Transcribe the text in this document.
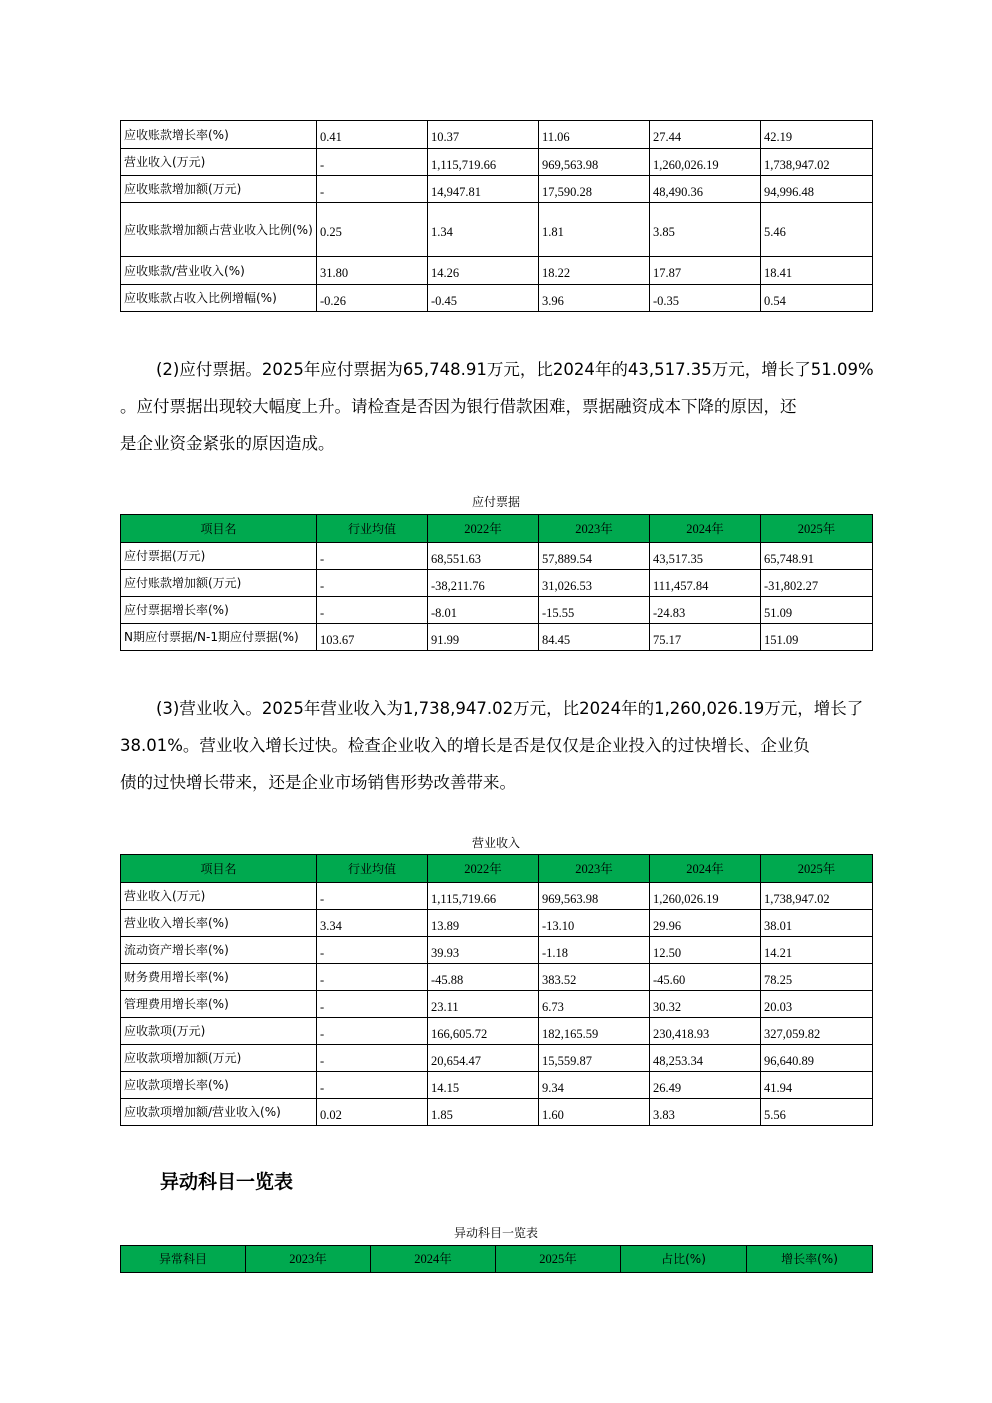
应收账款增长率(%)	0.41	10.37	11.06	27.44	42.19
营业收入(万元)	-	1,115,719.66	969,563.98	1,260,026.19	1,738,947.02
应收账款增加额(万元)	-	14,947.81	17,590.28	48,490.36	94,996.48
应收账款增加额占营业收入比例(%)	0.25	1.34	1.81	3.85	5.46
应收账款/营业收入(%)	31.80	14.26	18.22	17.87	18.41
应收账款占收入比例增幅(%)	-0.26	-0.45	3.96	-0.35	0.54
(2)应付票据。2025年应付票据为65,748.91万元，比2024年的43,517.35万元，增长了51.09%
。应付票据出现较大幅度上升。请检查是否因为银行借款困难，票据融资成本下降的原因，还
是企业资金紧张的原因造成。
应付票据
项目名	行业均值	2022年	2023年	2024年	2025年
应付票据(万元)	-	68,551.63	57,889.54	43,517.35	65,748.91
应付账款增加额(万元)	-	-38,211.76	31,026.53	111,457.84	-31,802.27
应付票据增长率(%)	-	-8.01	-15.55	-24.83	51.09
N期应付票据/N-1期应付票据(%)	103.67	91.99	84.45	75.17	151.09
(3)营业收入。2025年营业收入为1,738,947.02万元，比2024年的1,260,026.19万元，增长了
38.01%。营业收入增长过快。检查企业收入的增长是否是仅仅是企业投入的过快增长、企业负
债的过快增长带来，还是企业市场销售形势改善带来。
营业收入
项目名	行业均值	2022年	2023年	2024年	2025年
营业收入(万元)	-	1,115,719.66	969,563.98	1,260,026.19	1,738,947.02
营业收入增长率(%)	3.34	13.89	-13.10	29.96	38.01
流动资产增长率(%)	-	39.93	-1.18	12.50	14.21
财务费用增长率(%)	-	-45.88	383.52	-45.60	78.25
管理费用增长率(%)	-	23.11	6.73	30.32	20.03
应收款项(万元)	-	166,605.72	182,165.59	230,418.93	327,059.82
应收款项增加额(万元)	-	20,654.47	15,559.87	48,253.34	96,640.89
应收款项增长率(%)	-	14.15	9.34	26.49	41.94
应收款项增加额/营业收入(%)	0.02	1.85	1.60	3.83	5.56
异动科目一览表
异动科目一览表
异常科目	2023年	2024年	2025年	占比(%)	增长率(%)
